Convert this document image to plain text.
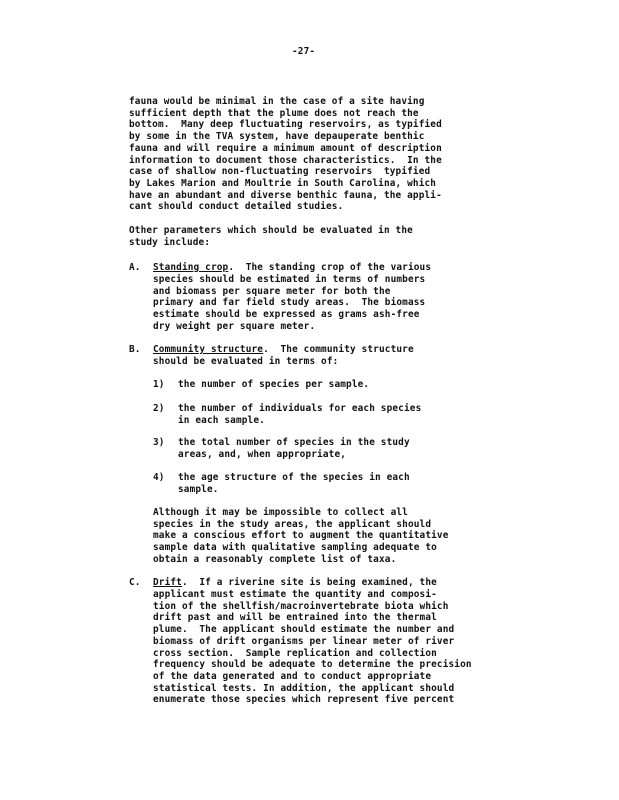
-27-
fauna would be minimal in the case of a site having
sufficient depth that the plume does not reach the
bottom.  Many deep fluctuating reservoirs, as typified
by some in the TVA system, have depauperate benthic
fauna and will require a minimum amount of description
information to document those characteristics.  In the
case of shallow non-fluctuating reservoirs  typified
by Lakes Marion and Moultrie in South Carolina, which
have an abundant and diverse benthic fauna, the appli-
cant should conduct detailed studies.
Other parameters which should be evaluated in the
study include:
A. Standing crop.  The standing crop of the various
species should be estimated in terms of numbers
and biomass per square meter for both the
primary and far field study areas.  The biomass
estimate should be expressed as grams ash-free
dry weight per square meter.
B. Community structure.  The community structure
should be evaluated in terms of:
1) the number of species per sample.
2) the number of individuals for each species
in each sample.
3) the total number of species in the study
areas, and, when appropriate,
4) the age structure of the species in each
sample.
Although it may be impossible to collect all
species in the study areas, the applicant should
make a conscious effort to augment the quantitative
sample data with qualitative sampling adequate to
obtain a reasonably complete list of taxa.
C. Drift.  If a riverine site is being examined, the
applicant must estimate the quantity and composi-
tion of the shellfish/macroinvertebrate biota which
drift past and will be entrained into the thermal
plume.  The applicant should estimate the number and
biomass of drift organisms per linear meter of river
cross section.  Sample replication and collection
frequency should be adequate to determine the precision
of the data generated and to conduct appropriate
statistical tests. In addition, the applicant should
enumerate those species which represent five percent
